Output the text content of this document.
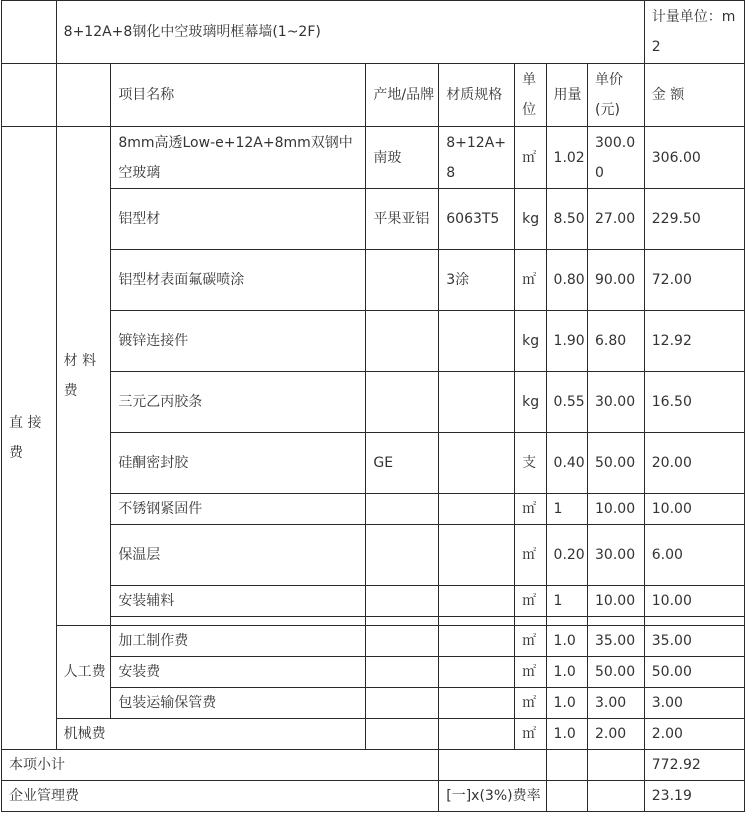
	8+12A+8钢化中空玻璃明框幕墙(1~2F)							计量单位：m2
		项目名称	产地/品牌	材质规格	单位	用量	单价(元)	金 额
直 接 费	材 料 费	8mm高透Low-e+12A+8mm双钢中空玻璃	南玻	8+12A+8	㎡	1.02	300.00	306.00
		铝型材	平果亚铝	6063T5	kg	8.50	27.00	229.50
		铝型材表面氟碳喷涂		3涂	㎡	0.80	90.00	72.00
		镀锌连接件			kg	1.90	6.80	12.92
		三元乙丙胶条			kg	0.55	30.00	16.50
		硅酮密封胶	GE		支	0.40	50.00	20.00
		不锈钢紧固件			㎡	1	10.00	10.00
		保温层			㎡	0.20	30.00	6.00
		安装辅料			㎡	1	10.00	10.00

	人工费	加工制作费			㎡	1.0	35.00	35.00
		安装费			㎡	1.0	50.00	50.00
		包装运输保管费			㎡	1.0	3.00	3.00
	机械费				㎡	1.0	2.00	2.00
本项小计								772.92
企业管理费				[一]x(3%)费率				23.19
